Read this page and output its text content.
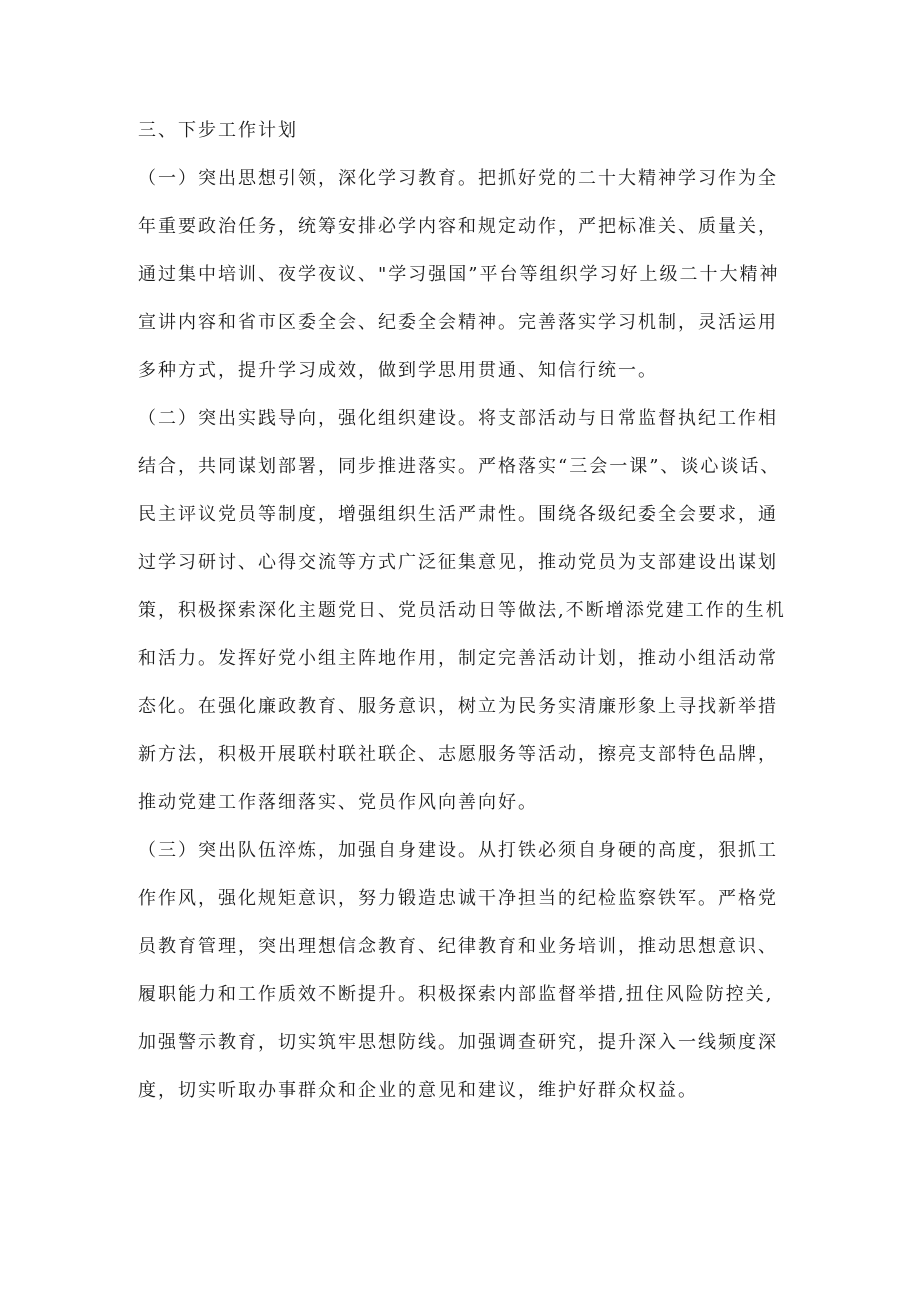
三、下步工作计划

（一）突出思想引领，深化学习教育。把抓好党的二十大精神学习作为全

年重要政治任务，统筹安排必学内容和规定动作，严把标准关、质量关，

通过集中培训、夜学夜议、"学习强国”平台等组织学习好上级二十大精神

宣讲内容和省市区委全会、纪委全会精神。完善落实学习机制，灵活运用

多种方式，提升学习成效，做到学思用贯通、知信行统一。

（二）突出实践导向，强化组织建设。将支部活动与日常监督执纪工作相

结合，共同谋划部署，同步推进落实。严格落实“三会一课”、谈心谈话、

民主评议党员等制度，增强组织生活严肃性。围绕各级纪委全会要求，通

过学习研讨、心得交流等方式广泛征集意见，推动党员为支部建设出谋划

策，积极探索深化主题党日、党员活动日等做法,不断增添党建工作的生机

和活力。发挥好党小组主阵地作用，制定完善活动计划，推动小组活动常

态化。在强化廉政教育、服务意识，树立为民务实清廉形象上寻找新举措

新方法，积极开展联村联社联企、志愿服务等活动，擦亮支部特色品牌，

推动党建工作落细落实、党员作风向善向好。

（三）突出队伍淬炼，加强自身建设。从打铁必须自身硬的高度，狠抓工

作作风，强化规矩意识，努力锻造忠诚干净担当的纪检监察铁军。严格党

员教育管理，突出理想信念教育、纪律教育和业务培训，推动思想意识、

履职能力和工作质效不断提升。积极探索内部监督举措,扭住风险防控关,

加强警示教育，切实筑牢思想防线。加强调查研究，提升深入一线频度深

度，切实听取办事群众和企业的意见和建议，维护好群众权益。
